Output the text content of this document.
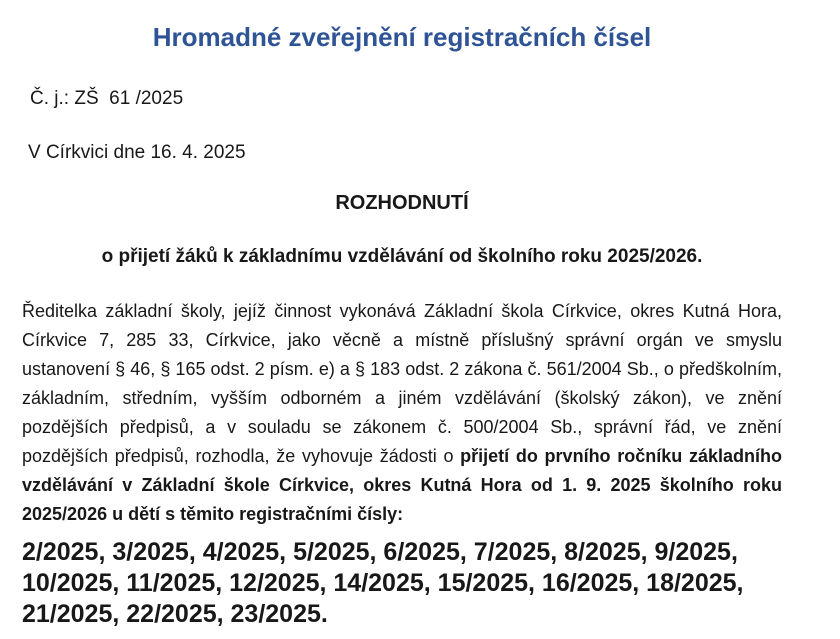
Hromadné zveřejnění registračních čísel

Č. j.: ZŠ  61 /2025

V Církvici dne 16. 4. 2025

ROZHODNUTÍ

o přijetí žáků k základnímu vzdělávání od školního roku 2025/2026.

Ředitelka základní školy, jejíž činnost vykonává Základní škola Církvice, okres Kutná Hora, Církvice 7, 285 33, Církvice, jako věcně a místně příslušný správní orgán ve smyslu ustanovení § 46, § 165 odst. 2 písm. e) a § 183 odst. 2 zákona č. 561/2004 Sb., o předškolním, základním, středním, vyšším odborném a jiném vzdělávání (školský zákon), ve znění pozdějších předpisů, a v souladu se zákonem č. 500/2004 Sb., správní řád, ve znění pozdějších předpisů, rozhodla, že vyhovuje žádosti o přijetí do prvního ročníku základního vzdělávání v Základní škole Církvice, okres Kutná Hora od 1. 9. 2025 školního roku 2025/2026 u dětí s těmito registračními čísly:

2/2025, 3/2025, 4/2025, 5/2025, 6/2025, 7/2025, 8/2025, 9/2025, 10/2025, 11/2025, 12/2025, 14/2025, 15/2025, 16/2025, 18/2025, 21/2025, 22/2025, 23/2025.
